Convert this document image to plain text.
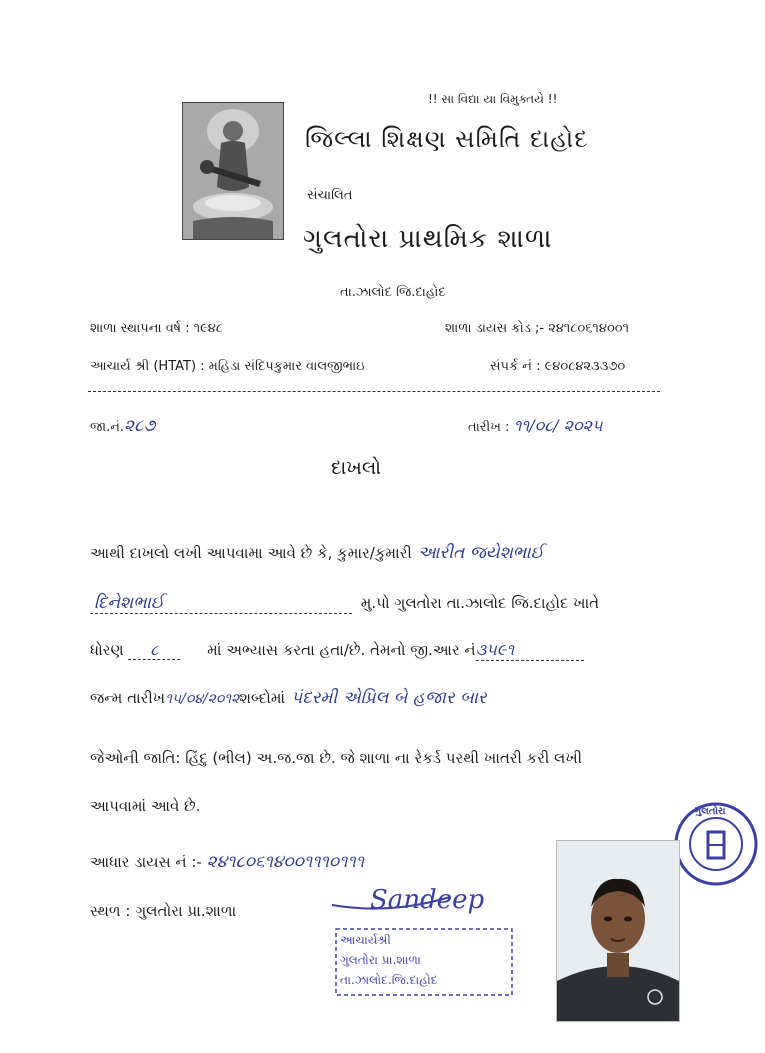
!! સા વિદ્યા યા વિમુક્તયે !!
જિલ્લા શિક્ષણ સમિતિ દાહોદ
સંચાલિત
ગુલતોરા પ્રાથમિક શાળા
તા.ઝાલોદ જિ.દાહોદ
શાળા સ્થાપના વર્ષ : ૧૯૪૮	શાળા ડાયસ કોડ ;- ૨૪૧૮૦૬૧૪૦૦૧
આચાર્ય શ્રી (HTAT) : મહિડા સંદિપકુમાર વાલજીભાઇ	સંપર્ક નં : ૯૪૦૮૪૨૩૩૭૦
જા.નં.૨૮૭	તારીખ : ૧૧/૦૮/ ૨૦૨૫
દાખલો
આથી દાખલો લખી આપવામા આવે છે કે, કુમાર/કુમારી આરીત જયેશભાઈ
દિનેશભાઈ	મુ.પો ગુલતોરા તા.ઝાલોદ જિ.દાહોદ ખાતે
ધોરણ ૮	માં અભ્યાસ કરતા હતા/છે. તેમનો જી.આર નં૩૫૯૧
જન્મ તારીખ૧૫/૦૪/૨૦૧૨શબ્દોમાં પંદરમી એપ્રિલ બે હજાર બાર
જેઓની જાતિ: હિંદુ (ભીલ) અ.જ.જા છે. જે શાળા ના રેકર્ડ પરથી ખાતરી કરી લખી
આપવામાં આવે છે.
આધાર ડાયસ નં :- ૨૪૧૮૦૬૧૪૦૦૧૧૧૦૧૧૧
સ્થળ : ગુલતોરા પ્રા.શાળા
ગુલતોરા
Sandeep
આચાર્યશ્રી
ગુલતોરા પ્રા.શાળા
તા.ઝાલોદ.જિ.દાહોદ
